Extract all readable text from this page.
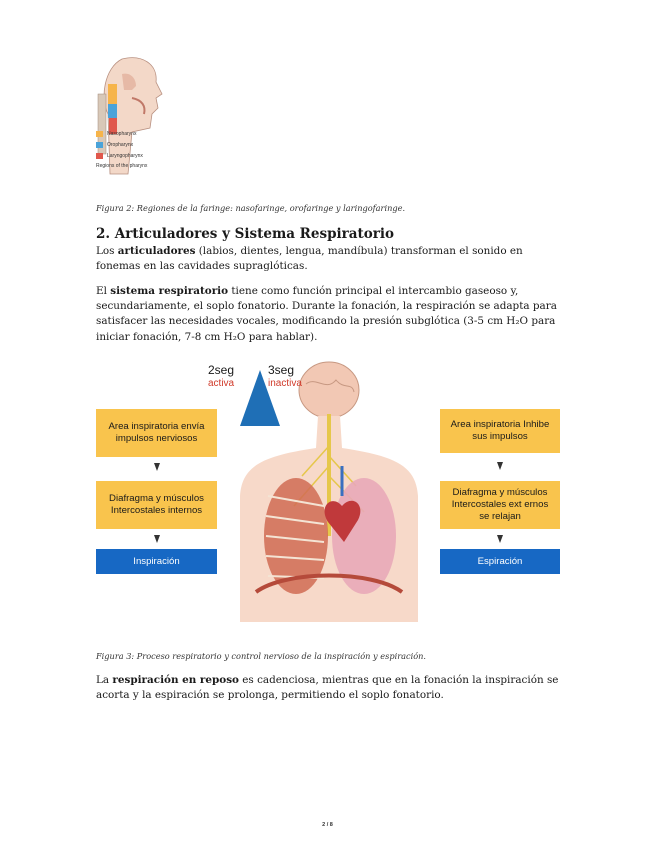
Nasopharynx
Oropharynx
Laryngopharynx
Regions of the pharynx
Figura 2: Regiones de la faringe: nasofaringe, orofaringe y laringofaringe.
2. Articuladores y Sistema Respiratorio
Los articuladores (labios, dientes, lengua, mandíbula) transforman el sonido en fonemas en las cavidades supraglóticas.
El sistema respiratorio tiene como función principal el intercambio gaseoso y, secundariamente, el soplo fonatorio. Durante la fonación, la respiración se adapta para satisfacer las necesidades vocales, modificando la presión subglótica (3-5 cm H₂O para iniciar fonación, 7-8 cm H₂O para hablar).
2seg
activa
3seg
inactiva
Area inspiratoria envía impulsos nerviosos
Diafragma y músculos Intercostales internos
Inspiración
Area inspiratoria Inhibe sus impulsos
Diafragma y músculos Intercostales ext ernos se relajan
Espiración
Figura 3: Proceso respiratorio y control nervioso de la inspiración y espiración.
La respiración en reposo es cadenciosa, mientras que en la fonación la inspiración se acorta y la espiración se prolonga, permitiendo el soplo fonatorio.
2 / 8
